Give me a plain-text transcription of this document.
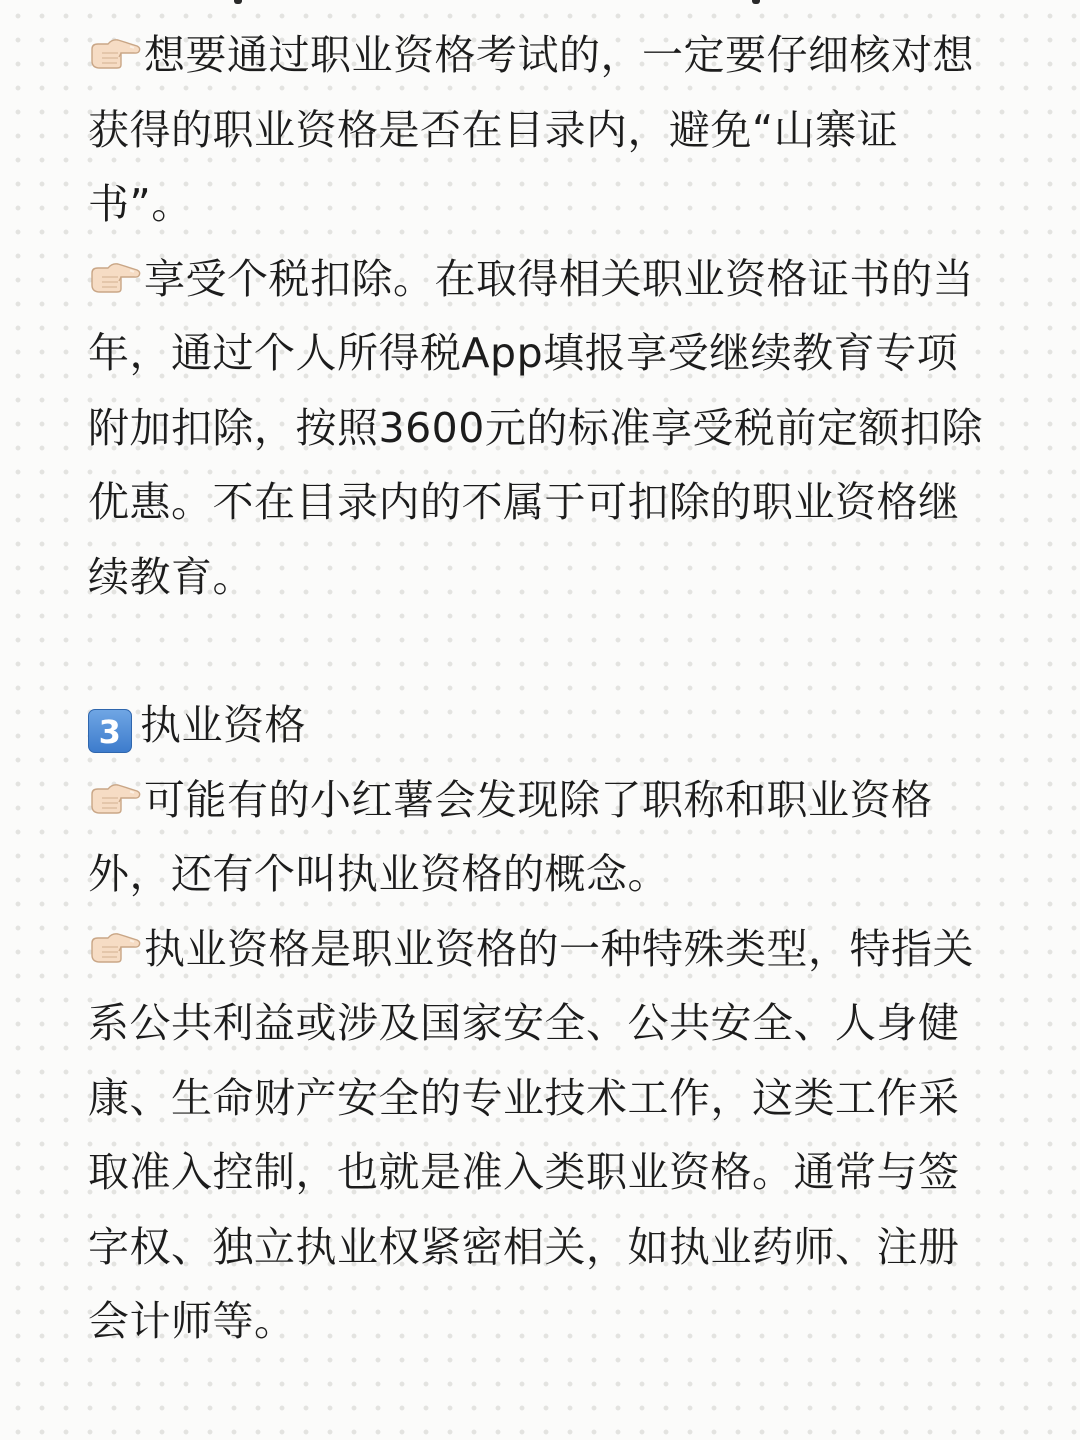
想要通过职业资格考试的，一定要仔细核对想获得的职业资格是否在目录内，避免“山寨证书”。

享受个税扣除。在取得相关职业资格证书的当年，通过个人所得税App填报享受继续教育专项附加扣除，按照3600元的标准享受税前定额扣除优惠。不在目录内的不属于可扣除的职业资格继续教育。

3 执业资格

可能有的小红薯会发现除了职称和职业资格外，还有个叫执业资格的概念。

执业资格是职业资格的一种特殊类型，特指关系公共利益或涉及国家安全、公共安全、人身健康、生命财产安全的专业技术工作，这类工作采取准入控制，也就是准入类职业资格。通常与签字权、独立执业权紧密相关，如执业药师、注册会计师等。
